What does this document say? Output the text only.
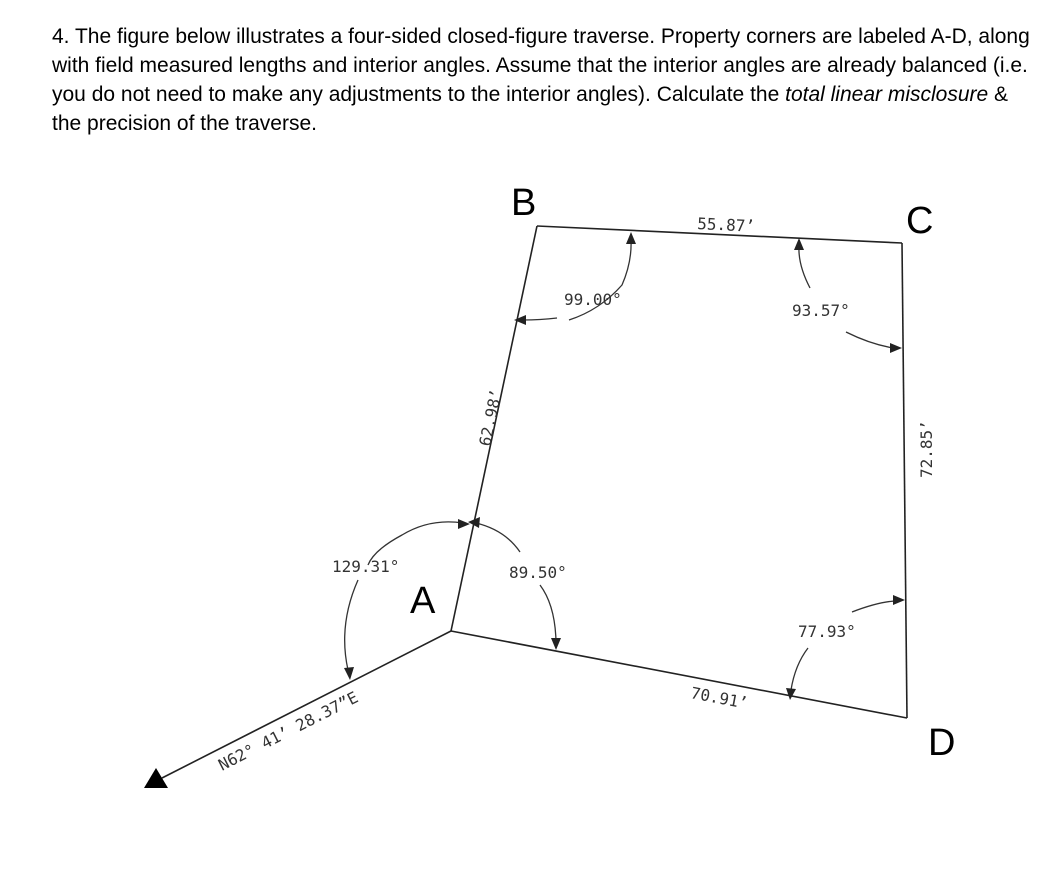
4. The figure below illustrates a four-sided closed-figure traverse. Property corners are labeled A-D, along with field measured lengths and interior angles. Assume that the interior angles are already balanced (i.e. you do not need to make any adjustments to the interior angles). Calculate the total linear misclosure & the precision of the traverse.

B	C
A
D
55.87’
62.98’
72.85’
70.91’
99.00°
93.57°
77.93°
89.50°
129.31°
N62° 41’ 28.37”E
